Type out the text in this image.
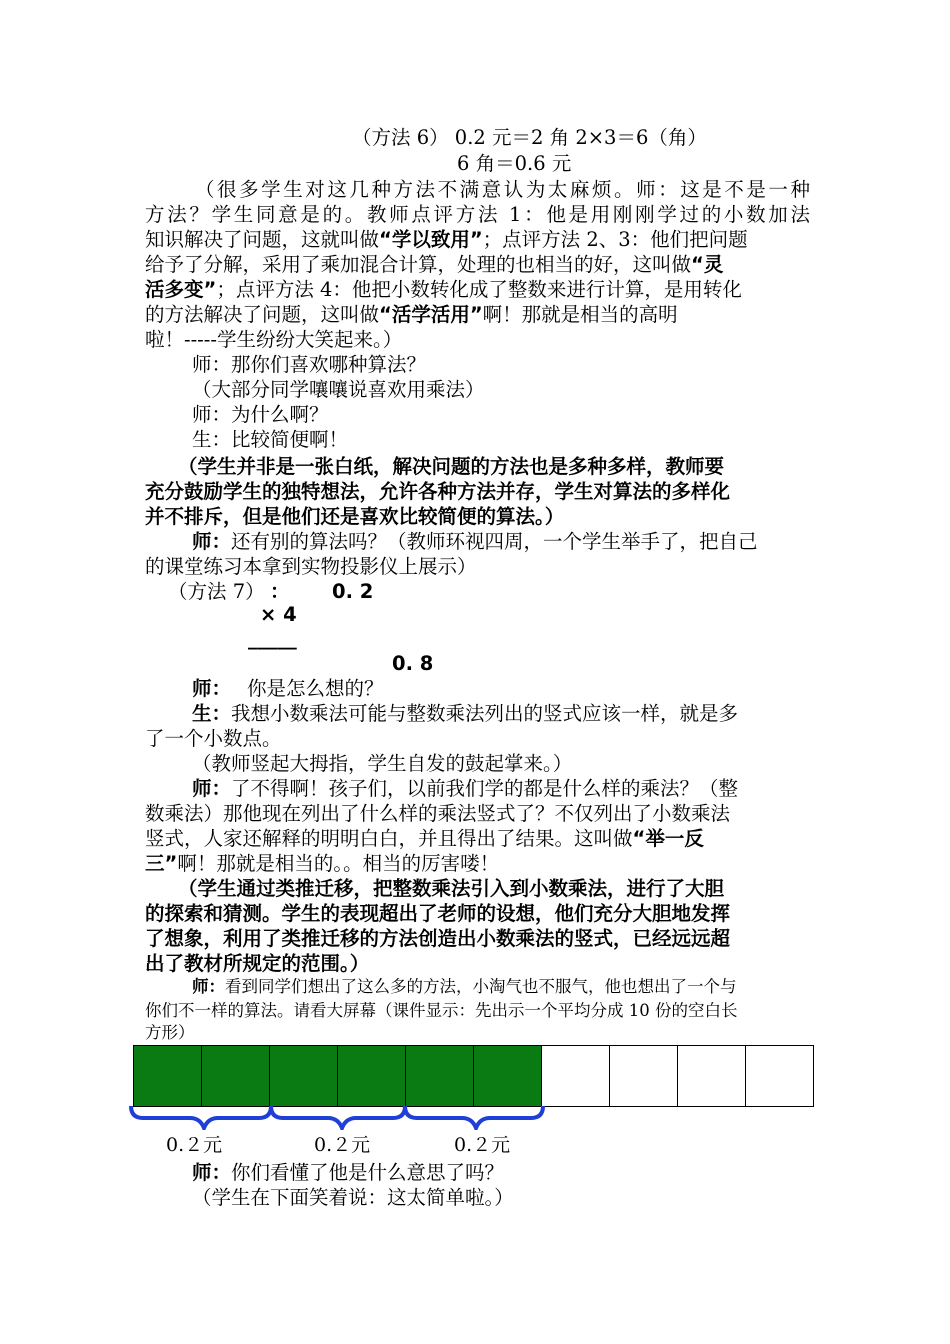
（方法 6） 0.2 元＝2 角 2×3＝6（角）
6 角＝0.6 元
（很多学生对这几种方法不满意认为太麻烦。师：这是不是一种
方法？学生同意是的。教师点评方法 1：他是用刚刚学过的小数加法
知识解决了问题，这就叫做“学以致用”；点评方法 2、3：他们把问题
给予了分解，采用了乘加混合计算，处理的也相当的好，这叫做“灵
活多变”；点评方法 4：他把小数转化成了整数来进行计算，是用转化
的方法解决了问题，这叫做“活学活用”啊！那就是相当的高明
啦！-----学生纷纷大笑起来。）
师：那你们喜欢哪种算法？
（大部分同学嚷嚷说喜欢用乘法）
师：为什么啊？
生：比较简便啊！
（学生并非是一张白纸，解决问题的方法也是多种多样，教师要
充分鼓励学生的独特想法，允许各种方法并存，学生对算法的多样化
并不排斥，但是他们还是喜欢比较简便的算法。）
师：还有别的算法吗？（教师环视四周，一个学生举手了，把自己
的课堂练习本拿到实物投影仪上展示）
（方法 7） ： 0. 2
× 4
_____
0. 8
师： 你是怎么想的？
生：我想小数乘法可能与整数乘法列出的竖式应该一样，就是多
了一个小数点。
（教师竖起大拇指，学生自发的鼓起掌来。）
师：了不得啊！孩子们，以前我们学的都是什么样的乘法？（整
数乘法）那他现在列出了什么样的乘法竖式了？不仅列出了小数乘法
竖式，人家还解释的明明白白，并且得出了结果。这叫做“举一反
三”啊！那就是相当的。。相当的厉害喽！
（学生通过类推迁移，把整数乘法引入到小数乘法，进行了大胆
的探索和猜测。学生的表现超出了老师的设想，他们充分大胆地发挥
了想象，利用了类推迁移的方法创造出小数乘法的竖式，已经远远超
出了教材所规定的范围。）
师：看到同学们想出了这么多的方法，小淘气也不服气，他也想出了一个与
你们不一样的算法。请看大屏幕（课件显示：先出示一个平均分成 10 份的空白长
方形）
0.２元	0.２元	0.２元
师：你们看懂了他是什么意思了吗？
（学生在下面笑着说：这太简单啦。）
